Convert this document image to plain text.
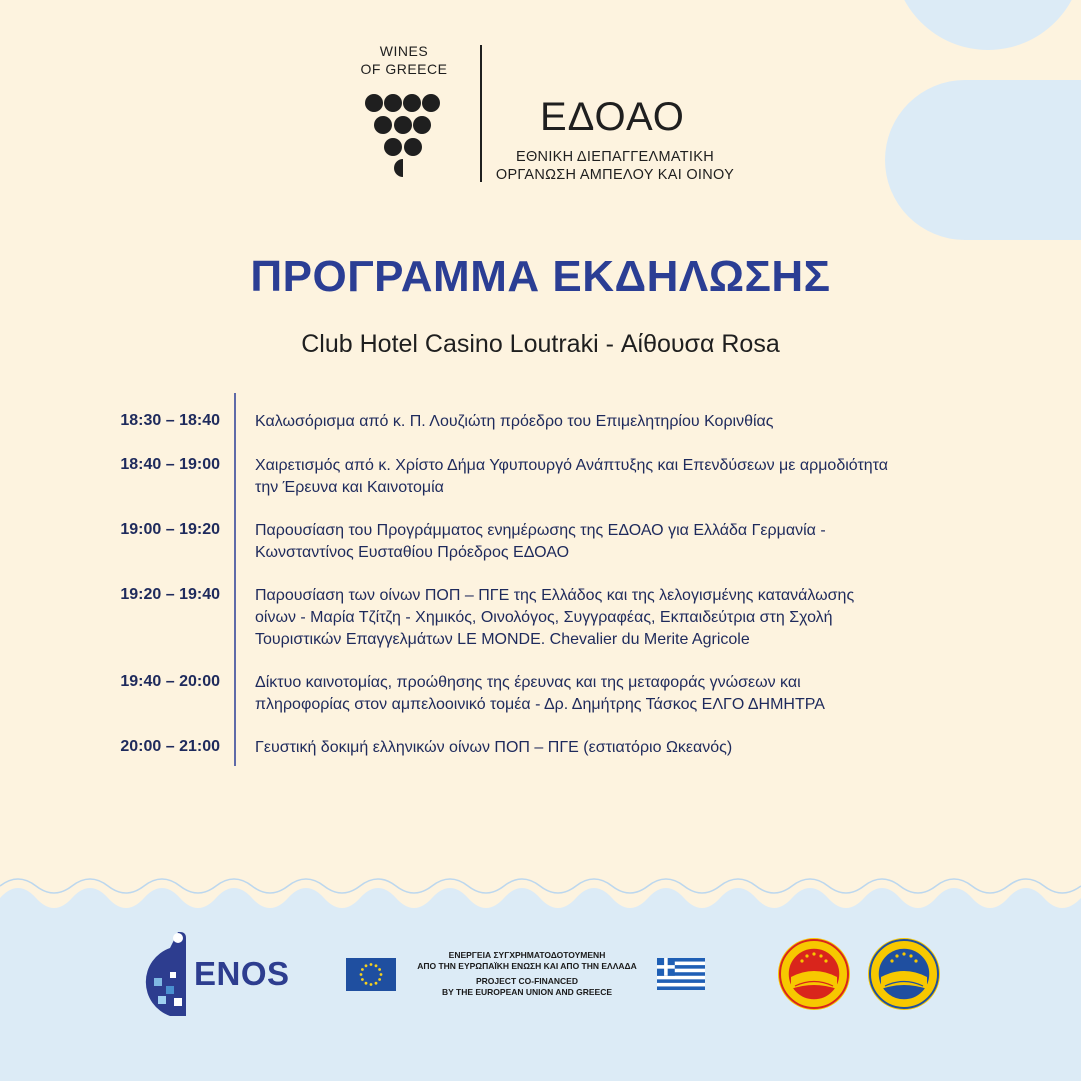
WINES
OF GREECE
ΕΔΟΑΟ
ΕΘΝΙΚΗ ΔΙΕΠΑΓΓΕΛΜΑΤΙΚΗ
ΟΡΓΑΝΩΣΗ ΑΜΠΕΛΟΥ ΚΑΙ ΟΙΝΟΥ
ΠΡΟΓΡΑΜΜΑ ΕΚΔΗΛΩΣΗΣ
Club Hotel Casino Loutraki - Αίθουσα Rosa
18:30 – 18:40 Καλωσόρισμα από κ. Π. Λουζιώτη πρόεδρο του Επιμελητηρίου Κορινθίας
18:40 – 19:00 Χαιρετισμός από κ. Χρίστο Δήμα Υφυπουργό Ανάπτυξης και Επενδύσεων με αρμοδιότητα
την Έρευνα και Καινοτομία
19:00 – 19:20 Παρουσίαση του Προγράμματος ενημέρωσης της ΕΔΟΑΟ για Ελλάδα Γερμανία -
Κωνσταντίνος Ευσταθίου Πρόεδρος ΕΔΟΑΟ
19:20 – 19:40 Παρουσίαση των οίνων ΠΟΠ – ΠΓΕ της Ελλάδος και της λελογισμένης κατανάλωσης
οίνων - Μαρία Τζίτζη - Χημικός, Οινολόγος, Συγγραφέας, Εκπαιδεύτρια στη Σχολή
Τουριστικών Επαγγελμάτων LE MONDE. Chevalier du Merite Agricole
19:40 – 20:00 Δίκτυο καινοτομίας, προώθησης της έρευνας και της μεταφοράς γνώσεων και
πληροφορίας στον αμπελοοινικό τομέα - Δρ. Δημήτρης Τάσκος ΕΛΓΟ ΔΗΜΗΤΡΑ
20:00 – 21:00 Γευστική δοκιμή ελληνικών οίνων ΠΟΠ – ΠΓΕ (εστιατόριο Ωκεανός)
ENOS	ΕΝΕΡΓΕΙΑ ΣΥΓΧΡΗΜΑΤΟΔΟΤΟΥΜΕΝΗ
ΑΠΟ ΤΗΝ ΕΥΡΩΠΑΪΚΗ ΕΝΩΣΗ ΚΑΙ ΑΠΟ ΤΗΝ ΕΛΛΑΔΑ
PROJECT CO-FINANCED
BY THE EUROPEAN UNION AND GREECE
